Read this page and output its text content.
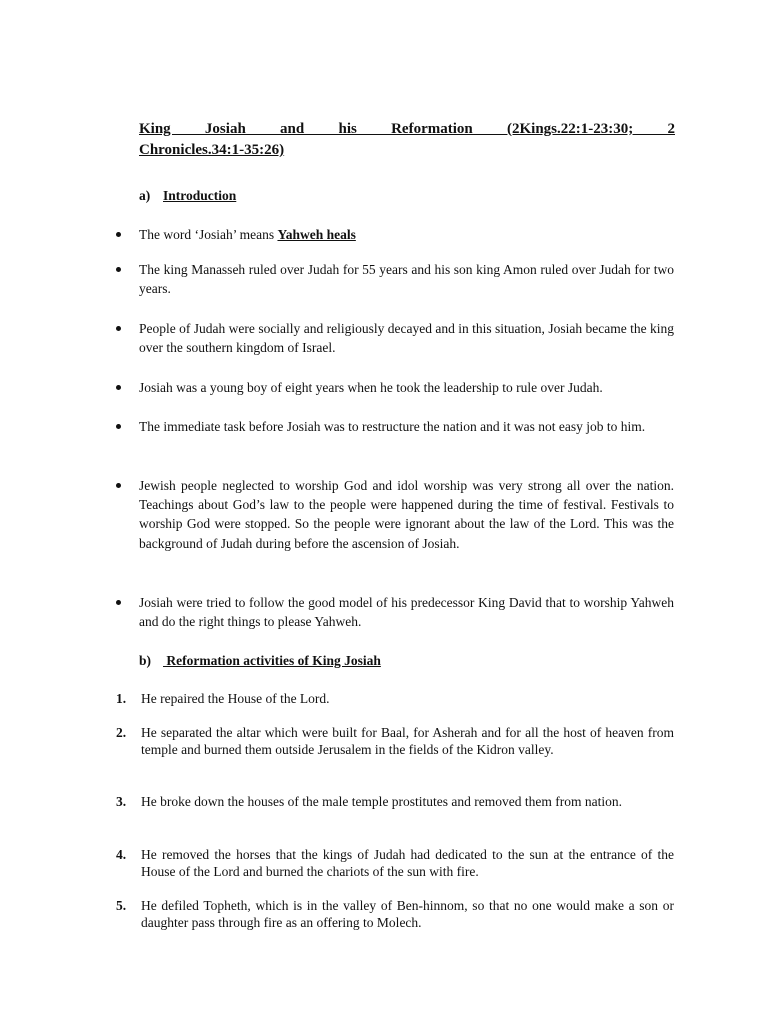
King Josiah and his Reformation (2Kings.22:1-23:30; 2
Chronicles.34:1-35:26)
a) Introduction
The word ‘Josiah’ means Yahweh heals
The king Manasseh ruled over Judah for 55 years and his son king Amon ruled over Judah for two years.
People of Judah were socially and religiously decayed and in this situation, Josiah became the king over the southern kingdom of Israel.
Josiah was a young boy of eight years when he took the leadership to rule over Judah.
The immediate task before Josiah was to restructure the nation and it was not easy job to him.
Jewish people neglected to worship God and idol worship was very strong all over the nation. Teachings about God’s law to the people were happened during the time of festival. Festivals to worship God were stopped. So the people were ignorant about the law of the Lord. This was the background of Judah during before the ascension of Josiah.
Josiah were tried to follow the good model of his predecessor King David that to worship Yahweh and do the right things to please Yahweh.
b) Reformation activities of King Josiah
1. He repaired the House of the Lord.
2. He separated the altar which were built for Baal, for Asherah and for all the host of heaven from temple and burned them outside Jerusalem in the fields of the Kidron valley.
3. He broke down the houses of the male temple prostitutes and removed them from nation.
4. He removed the horses that the kings of Judah had dedicated to the sun at the entrance of the House of the Lord and burned the chariots of the sun with fire.
5. He defiled Topheth, which is in the valley of Ben-hinnom, so that no one would make a son or daughter pass through fire as an offering to Molech.
